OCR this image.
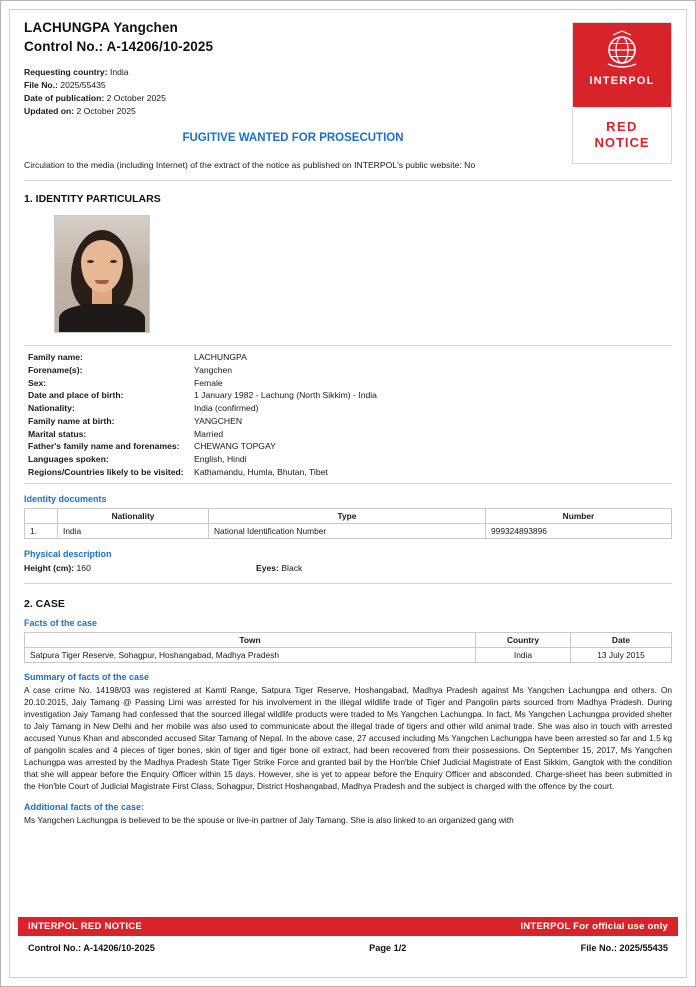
LACHUNGPA Yangchen
Control No.: A-14206/10-2025
Requesting country: India
File No.: 2025/55435
Date of publication: 2 October 2025
Updated on: 2 October 2025
INTERPOL
RED
NOTICE
FUGITIVE WANTED FOR PROSECUTION
Circulation to the media (including Internet) of the extract of the notice as published on INTERPOL's public website: No
1. IDENTITY PARTICULARS
Family name:	LACHUNGPA
Forename(s):	Yangchen
Sex:	Female
Date and place of birth:	1 January 1982 - Lachung (North Sikkim) - India
Nationality:	India (confirmed)
Family name at birth:	YANGCHEN
Marital status:	Married
Father's family name and forenames:	CHEWANG TOPGAY
Languages spoken:	English, Hindi
Regions/Countries likely to be visited:	Kathamandu, Humla, Bhutan, Tibet
Identity documents
	Nationality	Type	Number
1.	India	National Identification Number	999324893896
Physical description
Height (cm): 160	Eyes: Black
2. CASE
Facts of the case
Town	Country	Date
Satpura Tiger Reserve, Sohagpur, Hoshangabad, Madhya Pradesh	India	13 July 2015
Summary of facts of the case
A case crime No. 14198/03 was registered at Kamti Range, Satpura Tiger Reserve, Hoshangabad, Madhya Pradesh against Ms Yangchen Lachungpa and others. On 20.10.2015, Jaiy Tamang @ Passing Limi was arrested for his involvement in the illegal wildlife trade of Tiger and Pangolin parts sourced from Madhya Pradesh. During investigation Jaiy Tamang had confessed that the sourced illegal wildlife products were traded to Ms Yangchen Lachungpa. In fact, Ms Yangchen Lachungpa provided shelter to Jaiy Tamang in New Delhi and her mobile was also used to communicate about the illegal trade of tigers and other wild animal trade. She was also in touch with arrested accused Yunus Khan and absconded accused Sitar Tamang of Nepal. In the above case, 27 accused including Ms Yangchen Lachungpa have been arrested so far and 1.5 kg of pangolin scales and 4 pieces of tiger bones, skin of tiger and tiger bone oil extract, had been recovered from their possessions. On September 15, 2017, Ms Yangchen Lachungpa was arrested by the Madhya Pradesh State Tiger Strike Force and granted bail by the Hon'ble Chief Judicial Magistrate of East Sikkim, Gangtok with the condition that she will appear before the Enquiry Officer within 15 days. However, she is yet to appear before the Enquiry Officer and absconded. Charge-sheet has been submitted in the Hon'ble Court of Judicial Magistrate First Class, Sohagpur, District Hoshangabad, Madhya Pradesh and the subject is charged with the offence by the court.
Additional facts of the case:
Ms Yangchen Lachungpa is believed to be the spouse or live-in partner of Jaiy Tamang. She is also linked to an organized gang with
INTERPOL RED NOTICE	INTERPOL For official use only
Control No.: A-14206/10-2025	Page 1/2	File No.: 2025/55435
